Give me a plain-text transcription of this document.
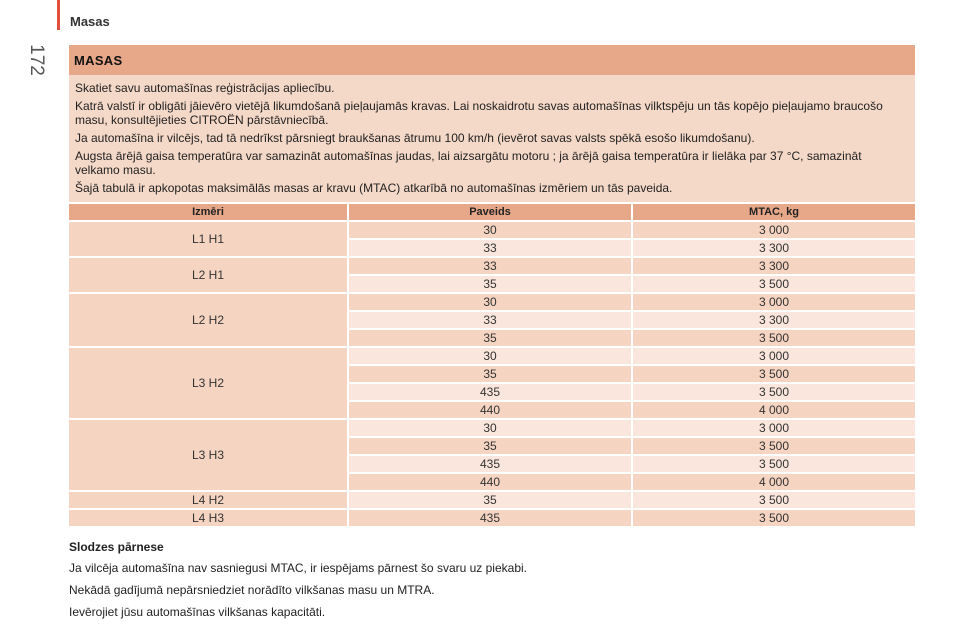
Masas
172	MASAS

Skatiet savu automašīnas reģistrācijas apliecību.

Katrā valstī ir obligāti jāievēro vietējā likumdošanā pieļaujamās kravas. Lai noskaidrotu savas automašīnas vilktspēju un tās kopējo pieļaujamo braucošo masu, konsultējieties CITROËN pārstāvniecībā.

Ja automašīna ir vilcējs, tad tā nedrīkst pārsniegt braukšanas ātrumu 100 km/h (ievērot savas valsts spēkā esošo likumdošanu).

Augsta ārējā gaisa temperatūra var samazināt automašīnas jaudas, lai aizsargātu motoru ; ja ārējā gaisa temperatūra ir lielāka par 37 °C, samazināt velkamo masu.

Šajā tabulā ir apkopotas maksimālās masas ar kravu (MTAC) atkarībā no automašīnas izmēriem un tās paveida.

Izmēri	Paveids	MTAC, kg
L1 H1	30	3 000
	33	3 300
L2 H1	33	3 300
	35	3 500
L2 H2	30	3 000
	33	3 300
	35	3 500
L3 H2	30	3 000
	35	3 500
	435	3 500
	440	4 000
L3 H3	30	3 000
	35	3 500
	435	3 500
	440	4 000
L4 H2	35	3 500
L4 H3	435	3 500
Slodzes pārnese

Ja vilcēja automašīna nav sasniegusi MTAC, ir iespējams pārnest šo svaru uz piekabi.

Nekādā gadījumā nepārsniedziet norādīto vilkšanas masu un MTRA.

Ievērojiet jūsu automašīnas vilkšanas kapacitāti.
